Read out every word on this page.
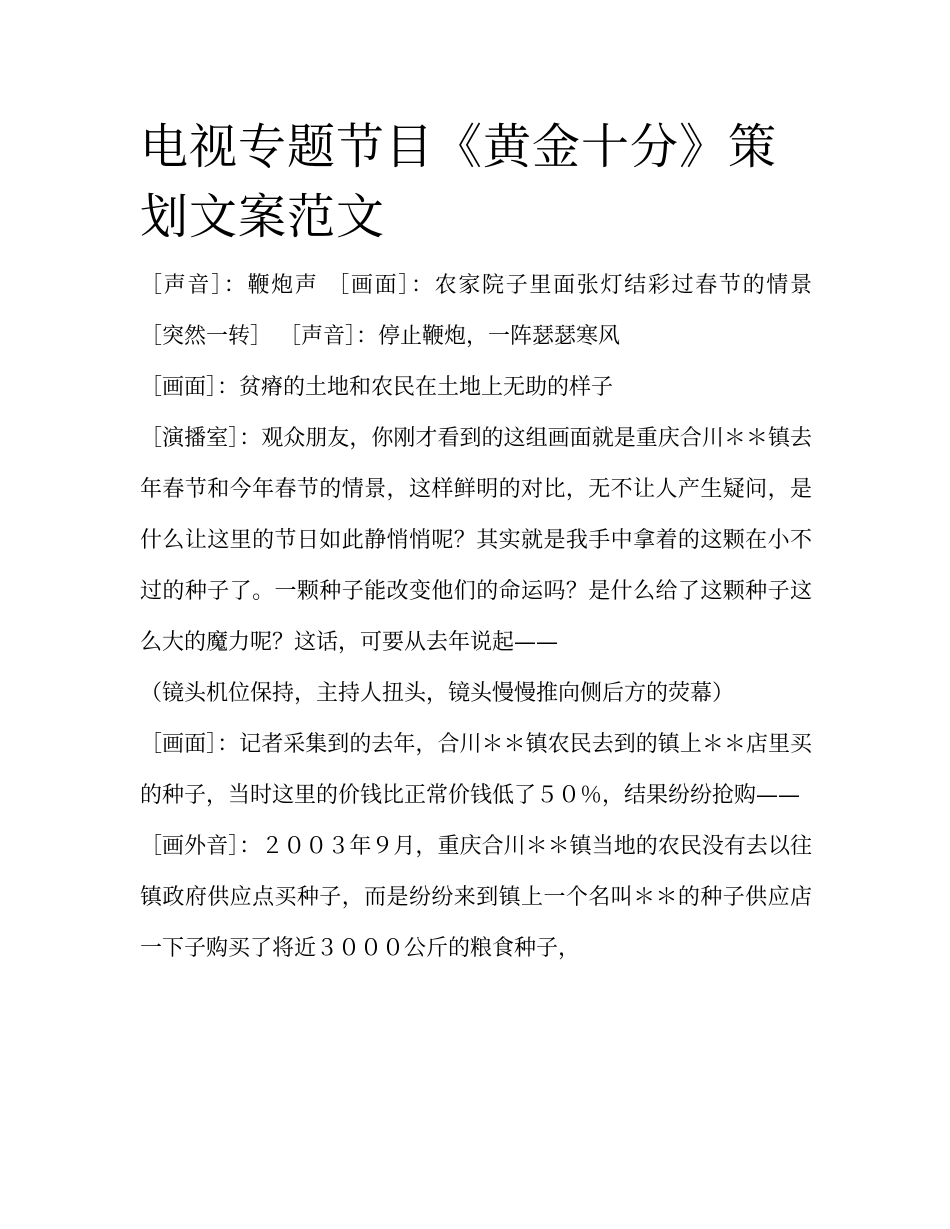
电视专题节目《黄金十分》策划文案范文

［声音］：鞭炮声 ［画面］：农家院子里面张灯结彩过春节的情景 ［突然一转］ ［声音］：停止鞭炮，一阵瑟瑟寒风

［画面］：贫瘠的土地和农民在土地上无助的样子

［演播室］：观众朋友，你刚才看到的这组画面就是重庆合川＊＊镇去年春节和今年春节的情景，这样鲜明的对比，无不让人产生疑问，是什么让这里的节日如此静悄悄呢？其实就是我手中拿着的这颗在小不过的种子了。一颗种子能改变他们的命运吗？是什么给了这颗种子这么大的魔力呢？这话，可要从去年说起——

（镜头机位保持，主持人扭头，镜头慢慢推向侧后方的荧幕）

［画面］：记者采集到的去年，合川＊＊镇农民去到的镇上＊＊店里买的种子，当时这里的价钱比正常价钱低了５０％，结果纷纷抢购——

［画外音］：２００３年９月，重庆合川＊＊镇当地的农民没有去以往镇政府供应点买种子，而是纷纷来到镇上一个名叫＊＊的种子供应店一下子购买了将近３０００公斤的粮食种子，
